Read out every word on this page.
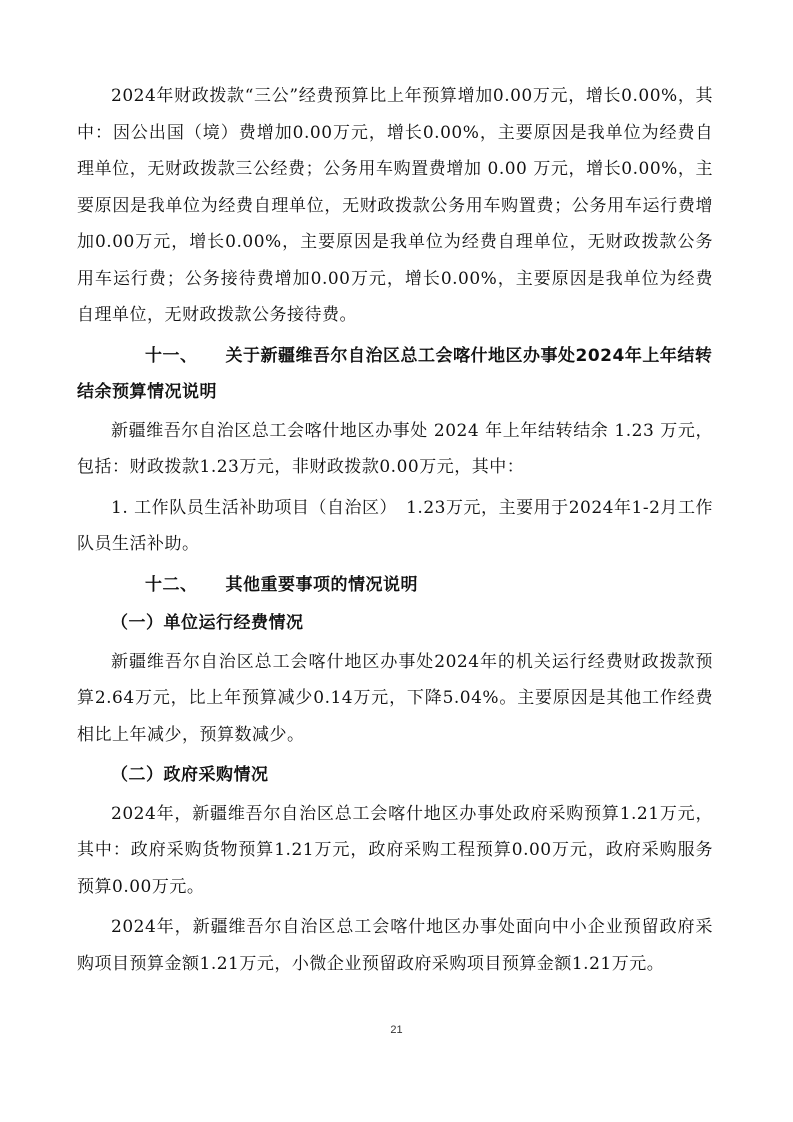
2024年财政拨款“三公”经费预算比上年预算增加0.00万元，增长0.00%，其中：因公出国（境）费增加0.00万元，增长0.00%，主要原因是我单位为经费自理单位，无财政拨款三公经费；公务用车购置费增加 0.00 万元，增长0.00%，主要原因是我单位为经费自理单位，无财政拨款公务用车购置费；公务用车运行费增加0.00万元，增长0.00%，主要原因是我单位为经费自理单位，无财政拨款公务用车运行费；公务接待费增加0.00万元，增长0.00%，主要原因是我单位为经费自理单位，无财政拨款公务接待费。

十一、 关于新疆维吾尔自治区总工会喀什地区办事处2024年上年结转结余预算情况说明

新疆维吾尔自治区总工会喀什地区办事处 2024 年上年结转结余 1.23 万元，包括：财政拨款1.23万元，非财政拨款0.00万元，其中：

1. 工作队员生活补助项目（自治区）　1.23万元，主要用于2024年1-2月工作队员生活补助。

十二、 其他重要事项的情况说明

（一）单位运行经费情况

新疆维吾尔自治区总工会喀什地区办事处2024年的机关运行经费财政拨款预算2.64万元，比上年预算减少0.14万元，下降5.04%。主要原因是其他工作经费相比上年减少，预算数减少。

（二）政府采购情况

2024年，新疆维吾尔自治区总工会喀什地区办事处政府采购预算1.21万元，其中：政府采购货物预算1.21万元，政府采购工程预算0.00万元，政府采购服务预算0.00万元。

2024年，新疆维吾尔自治区总工会喀什地区办事处面向中小企业预留政府采购项目预算金额1.21万元，小微企业预留政府采购项目预算金额1.21万元。

21
